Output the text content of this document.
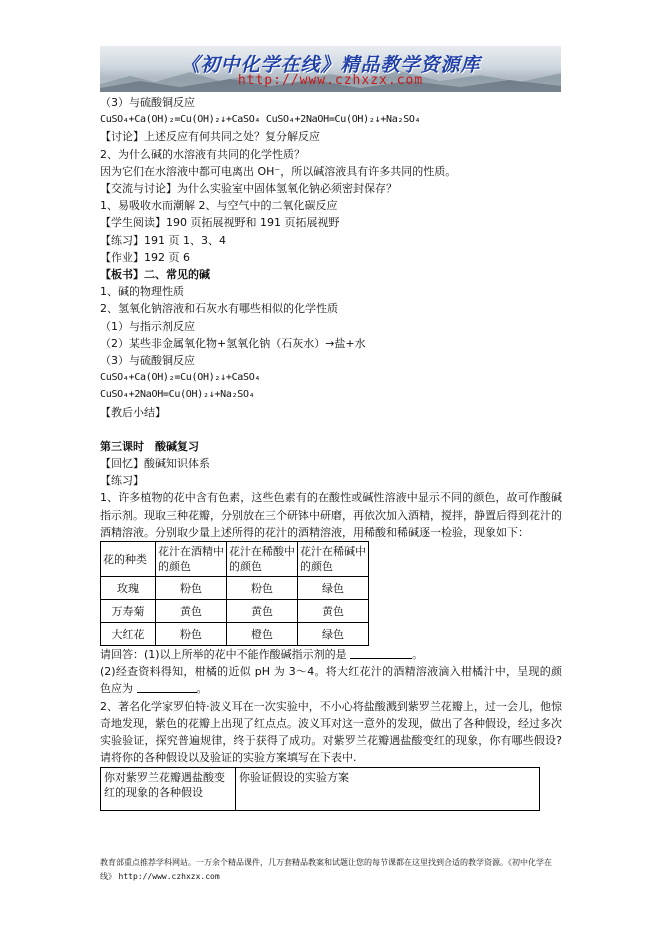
《初中化学在线》精品教学资源库
http://www.czhxzx.com
（3）与硫酸铜反应
CuSO₄+Ca(OH)₂=Cu(OH)₂↓+CaSO₄ CuSO₄+2NaOH=Cu(OH)₂↓+Na₂SO₄
【讨论】上述反应有何共同之处？复分解反应
2、为什么碱的水溶液有共同的化学性质？
因为它们在水溶液中都可电离出 OH⁻，所以碱溶液具有许多共同的性质。
【交流与讨论】为什么实验室中固体氢氧化钠必须密封保存？
1、易吸收水而潮解 2、与空气中的二氧化碳反应
【学生阅读】190 页拓展视野和 191 页拓展视野
【练习】191 页 1、3、4
【作业】192 页 6
【板书】二、常见的碱
1、碱的物理性质
2、氢氧化钠溶液和石灰水有哪些相似的化学性质
（1）与指示剂反应
（2）某些非金属氧化物+氢氧化钠（石灰水）→盐+水
（3）与硫酸铜反应
CuSO₄+Ca(OH)₂=Cu(OH)₂↓+CaSO₄
CuSO₄+2NaOH=Cu(OH)₂↓+Na₂SO₄
【教后小结】
第三课时　酸碱复习
【回忆】酸碱知识体系
【练习】
1、许多植物的花中含有色素，这些色素有的在酸性或碱性溶液中显示不同的颜色，故可作酸碱指示剂。现取三种花瓣，分别放在三个研钵中研磨，再依次加入酒精，搅拌，静置后得到花汁的酒精溶液。分别取少量上述所得的花汁的酒精溶液，用稀酸和稀碱逐一检验，现象如下：
花的种类	花汁在酒精中的颜色	花汁在稀酸中的颜色	花汁在稀碱中的颜色
玫瑰	粉色	粉色	绿色
万寿菊	黄色	黄色	黄色
大红花	粉色	橙色	绿色
请回答：(1)以上所举的花中不能作酸碱指示剂的是	。
(2)经查资料得知，柑橘的近似 pH 为 3～4。将大红花汁的酒精溶液滴入柑橘汁中，呈现的颜色应为	。
2、著名化学家罗伯特·波义耳在一次实验中，不小心将盐酸溅到紫罗兰花瓣上，过一会儿，他惊奇地发现，紫色的花瓣上出现了红点点。波义耳对这一意外的发现，做出了各种假设，经过多次实验验证，探究普遍规律，终于获得了成功。对紫罗兰花瓣遇盐酸变红的现象，你有哪些假设?请将你的各种假设以及验证的实验方案填写在下表中.
你对紫罗兰花瓣遇盐酸变红的现象的各种假设	你验证假设的实验方案
教育部重点推荐学科网站。一万余个精品课件，几万套精品教案和试题让您的每节课都在这里找到合适的教学资源。《初中化学在线》 http://www.czhxzx.com
